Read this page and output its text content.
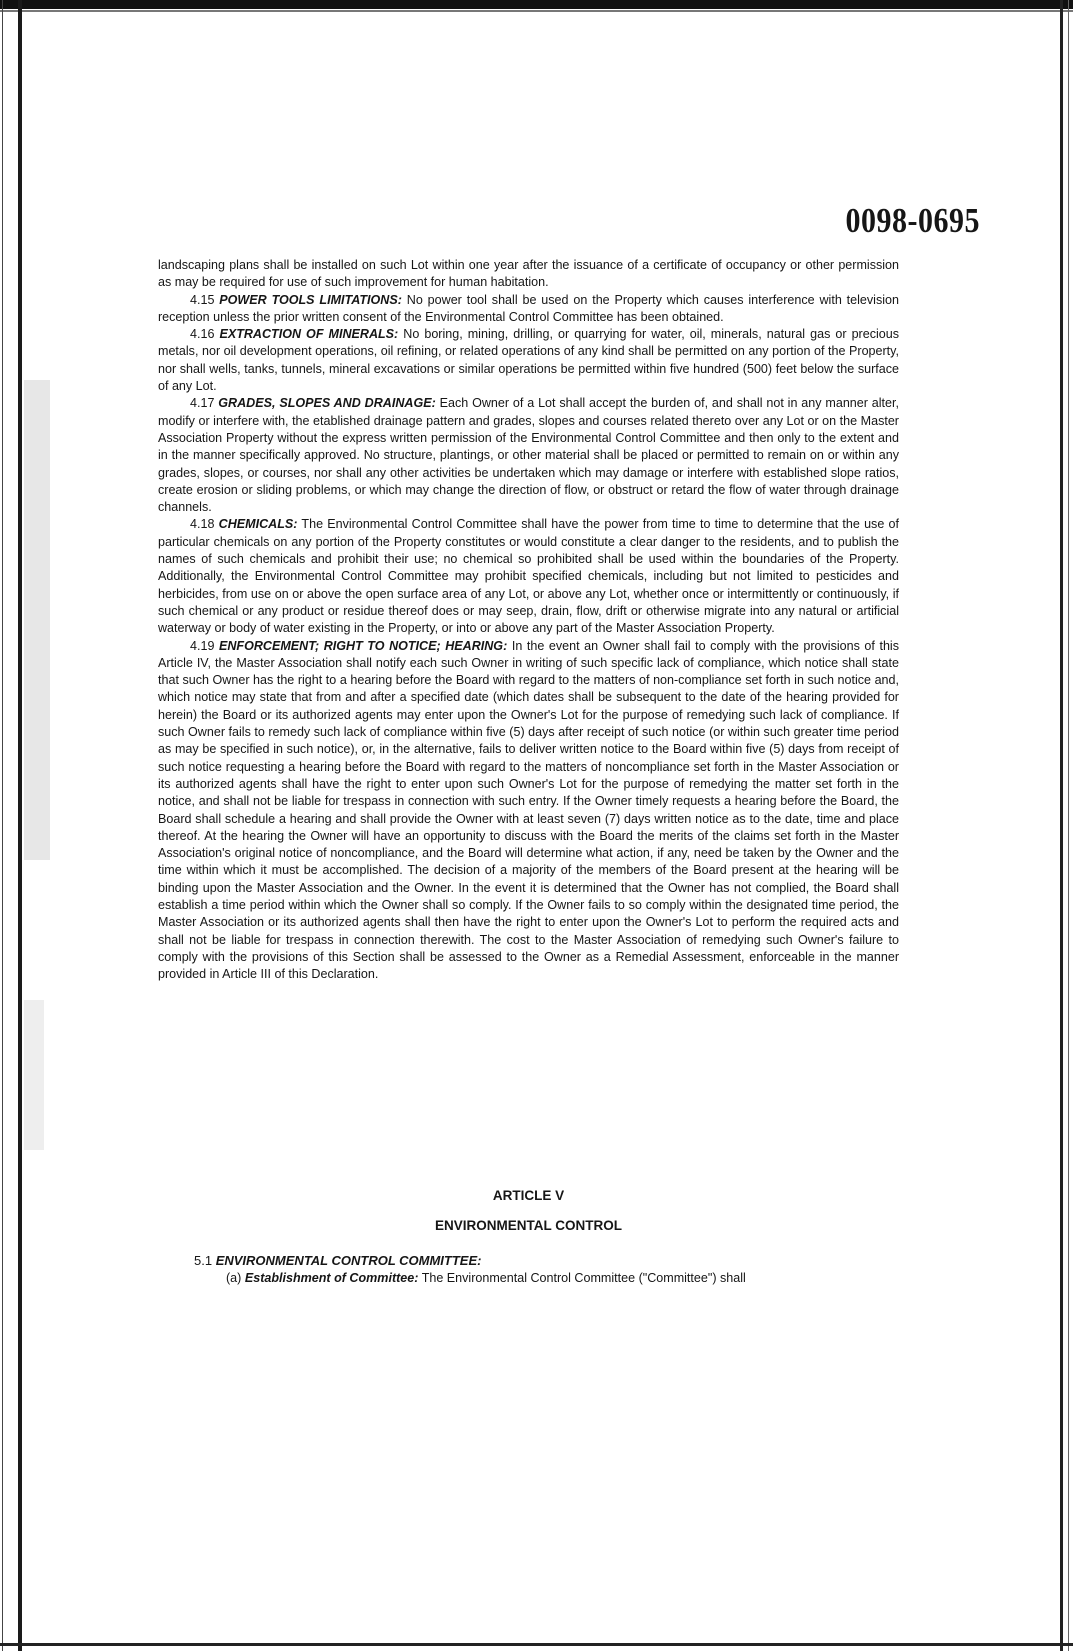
0098-0695

landscaping plans shall be installed on such Lot within one year after the issuance of a certificate of occupancy or other permission as may be required for use of such improvement for human habitation.

4.15 POWER TOOLS LIMITATIONS: No power tool shall be used on the Property which causes interference with television reception unless the prior written consent of the Environmental Control Committee has been obtained.

4.16 EXTRACTION OF MINERALS: No boring, mining, drilling, or quarrying for water, oil, minerals, natural gas or precious metals, nor oil development operations, oil refining, or related operations of any kind shall be permitted on any portion of the Property, nor shall wells, tanks, tunnels, mineral excavations or similar operations be permitted within five hundred (500) feet below the surface of any Lot.

4.17 GRADES, SLOPES AND DRAINAGE: Each Owner of a Lot shall accept the burden of, and shall not in any manner alter, modify or interfere with, the etablished drainage pattern and grades, slopes and courses related thereto over any Lot or on the Master Association Property without the express written permission of the Environmental Control Committee and then only to the extent and in the manner specifically approved. No structure, plantings, or other material shall be placed or permitted to remain on or within any grades, slopes, or courses, nor shall any other activities be undertaken which may damage or interfere with established slope ratios, create erosion or sliding problems, or which may change the direction of flow, or obstruct or retard the flow of water through drainage channels.

4.18 CHEMICALS: The Environmental Control Committee shall have the power from time to time to determine that the use of particular chemicals on any portion of the Property constitutes or would constitute a clear danger to the residents, and to publish the names of such chemicals and prohibit their use; no chemical so prohibited shall be used within the boundaries of the Property. Additionally, the Environmental Control Committee may prohibit specified chemicals, including but not limited to pesticides and herbicides, from use on or above the open surface area of any Lot, or above any Lot, whether once or intermittently or continuously, if such chemical or any product or residue thereof does or may seep, drain, flow, drift or otherwise migrate into any natural or artificial waterway or body of water existing in the Property, or into or above any part of the Master Association Property.

4.19 ENFORCEMENT; RIGHT TO NOTICE; HEARING: In the event an Owner shall fail to comply with the provisions of this Article IV, the Master Association shall notify each such Owner in writing of such specific lack of compliance, which notice shall state that such Owner has the right to a hearing before the Board with regard to the matters of non-compliance set forth in such notice and, which notice may state that from and after a specified date (which dates shall be subsequent to the date of the hearing provided for herein) the Board or its authorized agents may enter upon the Owner's Lot for the purpose of remedying such lack of compliance. If such Owner fails to remedy such lack of compliance within five (5) days after receipt of such notice (or within such greater time period as may be specified in such notice), or, in the alternative, fails to deliver written notice to the Board within five (5) days from receipt of such notice requesting a hearing before the Board with regard to the matters of noncompliance set forth in the Master Association or its authorized agents shall have the right to enter upon such Owner's Lot for the purpose of remedying the matter set forth in the notice, and shall not be liable for trespass in connection with such entry. If the Owner timely requests a hearing before the Board, the Board shall schedule a hearing and shall provide the Owner with at least seven (7) days written notice as to the date, time and place thereof. At the hearing the Owner will have an opportunity to discuss with the Board the merits of the claims set forth in the Master Association's original notice of noncompliance, and the Board will determine what action, if any, need be taken by the Owner and the time within which it must be accomplished. The decision of a majority of the members of the Board present at the hearing will be binding upon the Master Association and the Owner. In the event it is determined that the Owner has not complied, the Board shall establish a time period within which the Owner shall so comply. If the Owner fails to so comply within the designated time period, the Master Association or its authorized agents shall then have the right to enter upon the Owner's Lot to perform the required acts and shall not be liable for trespass in connection therewith. The cost to the Master Association of remedying such Owner's failure to comply with the provisions of this Section shall be assessed to the Owner as a Remedial Assessment, enforceable in the manner provided in Article III of this Declaration.

ARTICLE V
ENVIRONMENTAL CONTROL
5.1 ENVIRONMENTAL CONTROL COMMITTEE:
(a) Establishment of Committee: The Environmental Control Committee ("Committee") shall
